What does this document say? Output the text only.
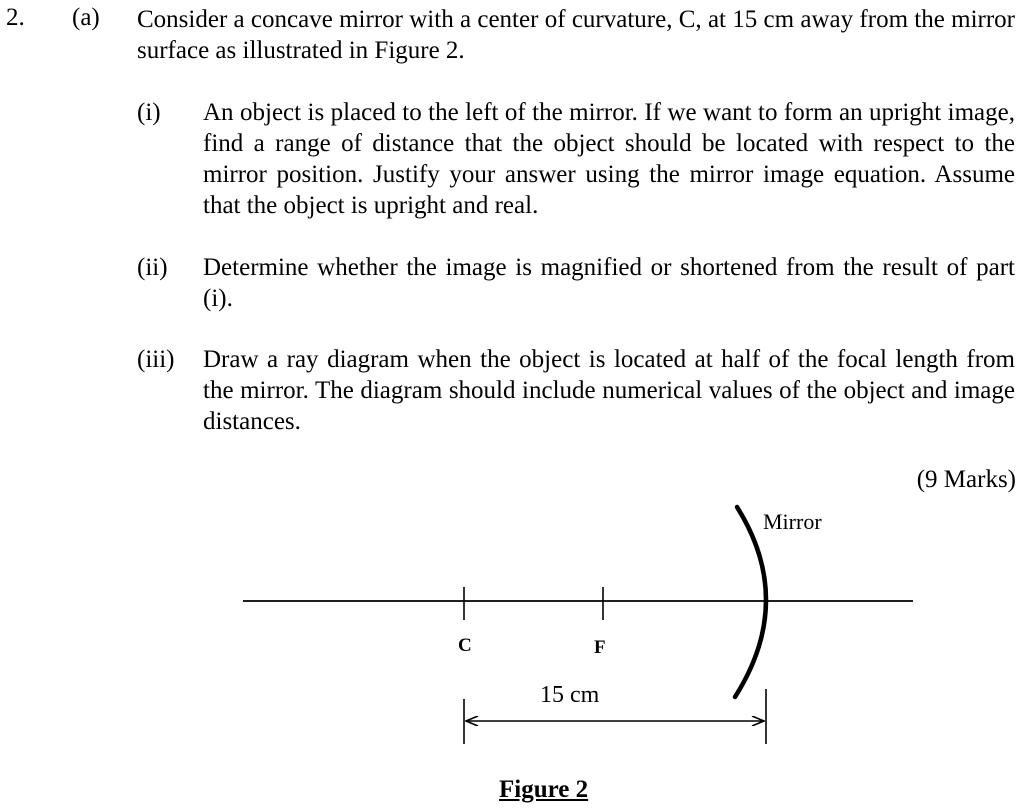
2. (a) Consider a concave mirror with a center of curvature, C, at 15 cm away from the mirror surface as illustrated in Figure 2.
(i) An object is placed to the left of the mirror. If we want to form an upright image, find a range of distance that the object should be located with respect to the mirror position. Justify your answer using the mirror image equation. Assume that the object is upright and real.
(ii) Determine whether the image is magnified or shortened from the result of part (i).
(iii) Draw a ray diagram when the object is located at half of the focal length from the mirror. The diagram should include numerical values of the object and image distances.
(9 Marks)
Mirror
C	F
15 cm
Figure 2
